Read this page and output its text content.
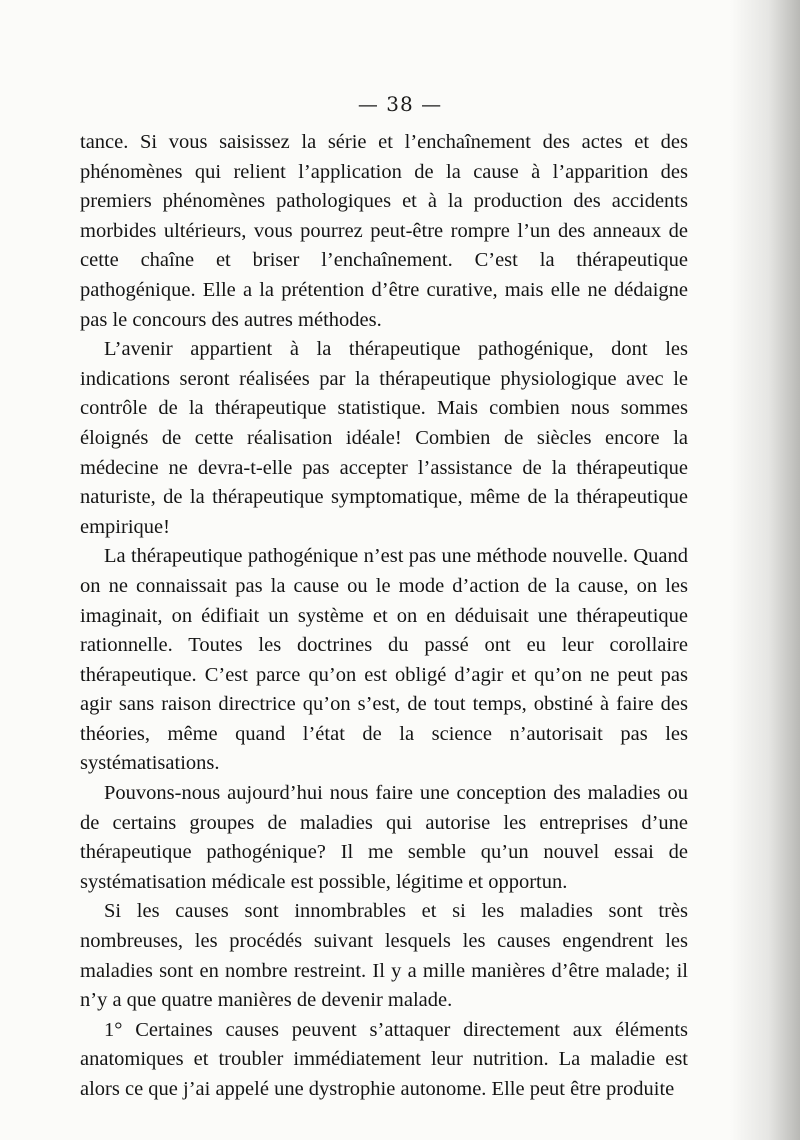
— 38 —

tance. Si vous saisissez la série et l’enchaînement des actes et des phénomènes qui relient l’application de la cause à l’apparition des premiers phénomènes pathologiques et à la production des accidents morbides ultérieurs, vous pourrez peut-être rompre l’un des anneaux de cette chaîne et briser l’enchaînement. C’est la thérapeutique pathogénique. Elle a la prétention d’être curative, mais elle ne dédaigne pas le concours des autres méthodes.

L’avenir appartient à la thérapeutique pathogénique, dont les indications seront réalisées par la thérapeutique physiologique avec le contrôle de la thérapeutique statistique. Mais combien nous sommes éloignés de cette réalisation idéale! Combien de siècles encore la médecine ne devra-t-elle pas accepter l’assistance de la thérapeutique naturiste, de la thérapeutique symptomatique, même de la thérapeutique empirique!

La thérapeutique pathogénique n’est pas une méthode nouvelle. Quand on ne connaissait pas la cause ou le mode d’action de la cause, on les imaginait, on édifiait un système et on en déduisait une thérapeutique rationnelle. Toutes les doctrines du passé ont eu leur corollaire thérapeutique. C’est parce qu’on est obligé d’agir et qu’on ne peut pas agir sans raison directrice qu’on s’est, de tout temps, obstiné à faire des théories, même quand l’état de la science n’autorisait pas les systématisations.

Pouvons-nous aujourd’hui nous faire une conception des maladies ou de certains groupes de maladies qui autorise les entreprises d’une thérapeutique pathogénique? Il me semble qu’un nouvel essai de systématisation médicale est possible, légitime et opportun.

Si les causes sont innombrables et si les maladies sont très nombreuses, les procédés suivant lesquels les causes engendrent les maladies sont en nombre restreint. Il y a mille manières d’être malade; il n’y a que quatre manières de devenir malade.

1° Certaines causes peuvent s’attaquer directement aux éléments anatomiques et troubler immédiatement leur nutrition. La maladie est alors ce que j’ai appelé une dystrophie autonome. Elle peut être produite
